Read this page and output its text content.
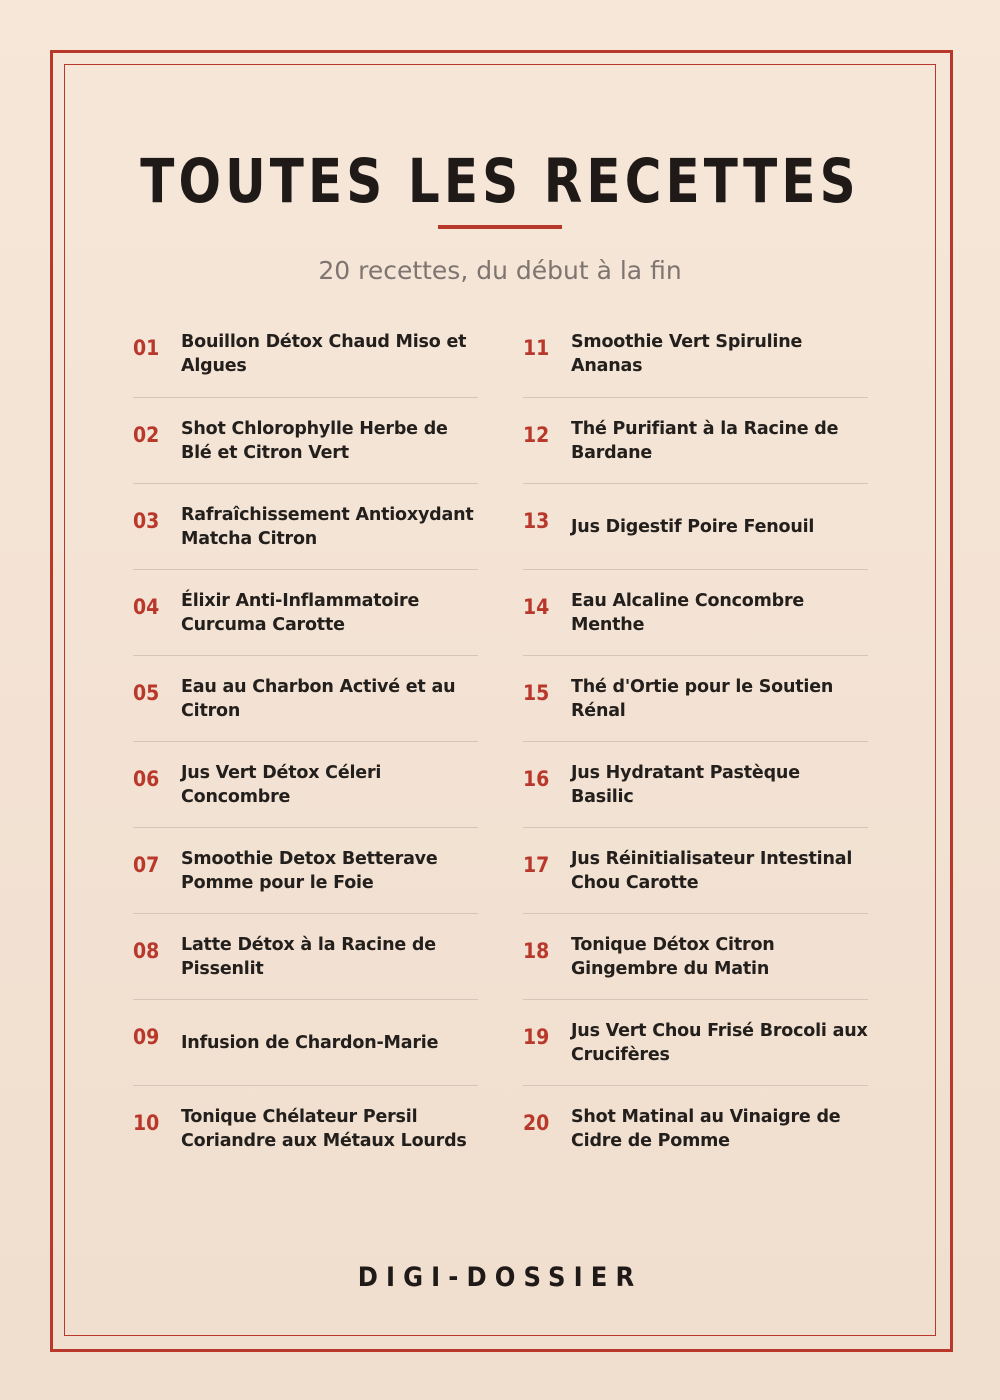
TOUTES LES RECETTES
20 recettes, du début à la fin
01	Bouillon Détox Chaud Miso et Algues
02	Shot Chlorophylle Herbe de Blé et Citron Vert
03	Rafraîchissement Antioxydant Matcha Citron
04	Élixir Anti-Inflammatoire Curcuma Carotte
05	Eau au Charbon Activé et au Citron
06	Jus Vert Détox Céleri Concombre
07	Smoothie Detox Betterave Pomme pour le Foie
08	Latte Détox à la Racine de Pissenlit
09	Infusion de Chardon-Marie
10	Tonique Chélateur Persil Coriandre aux Métaux Lourds
11	Smoothie Vert Spiruline Ananas
12	Thé Purifiant à la Racine de Bardane
13	Jus Digestif Poire Fenouil
14	Eau Alcaline Concombre Menthe
15	Thé d'Ortie pour le Soutien Rénal
16	Jus Hydratant Pastèque Basilic
17	Jus Réinitialisateur Intestinal Chou Carotte
18	Tonique Détox Citron Gingembre du Matin
19	Jus Vert Chou Frisé Brocoli aux Crucifères
20	Shot Matinal au Vinaigre de Cidre de Pomme
DIGI-DOSSIER
